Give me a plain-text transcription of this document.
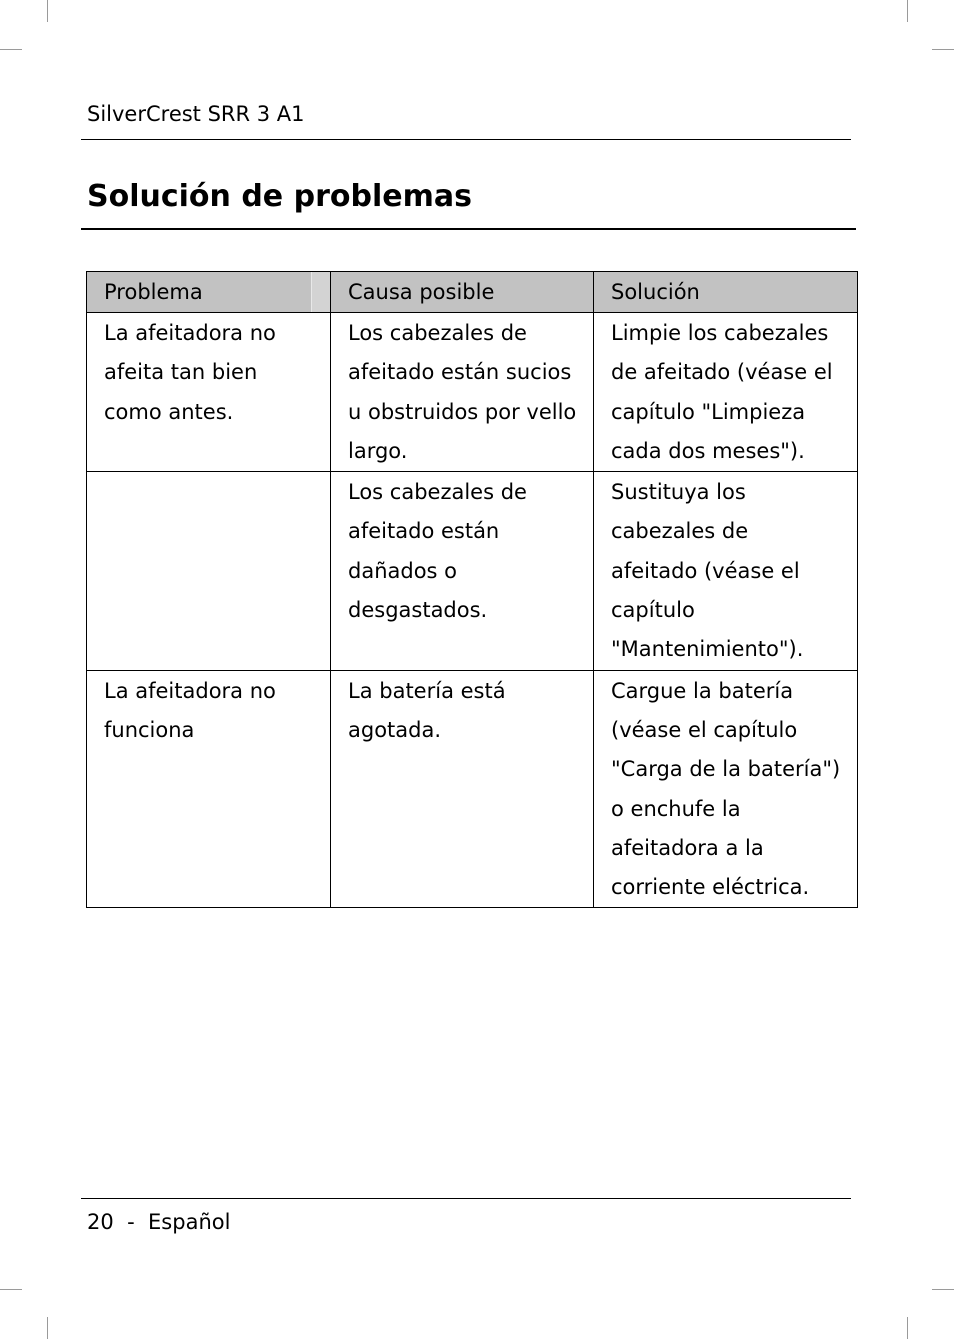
SilverCrest SRR 3 A1
Solución de problemas
Problema	Causa posible	Solución

La afeitadora no afeita tan bien como antes.	Los cabezales de afeitado están sucios u obstruidos por vello largo.	Limpie los cabezales de afeitado (véase el capítulo "Limpieza cada dos meses").

	Los cabezales de afeitado están dañados o desgastados.	Sustituya los cabezales de afeitado (véase el capítulo "Mantenimiento").

La afeitadora no funciona	La batería está agotada.	Cargue la batería (véase el capítulo "Carga de la batería") o enchufe la afeitadora a la corriente eléctrica.
20 - Español
